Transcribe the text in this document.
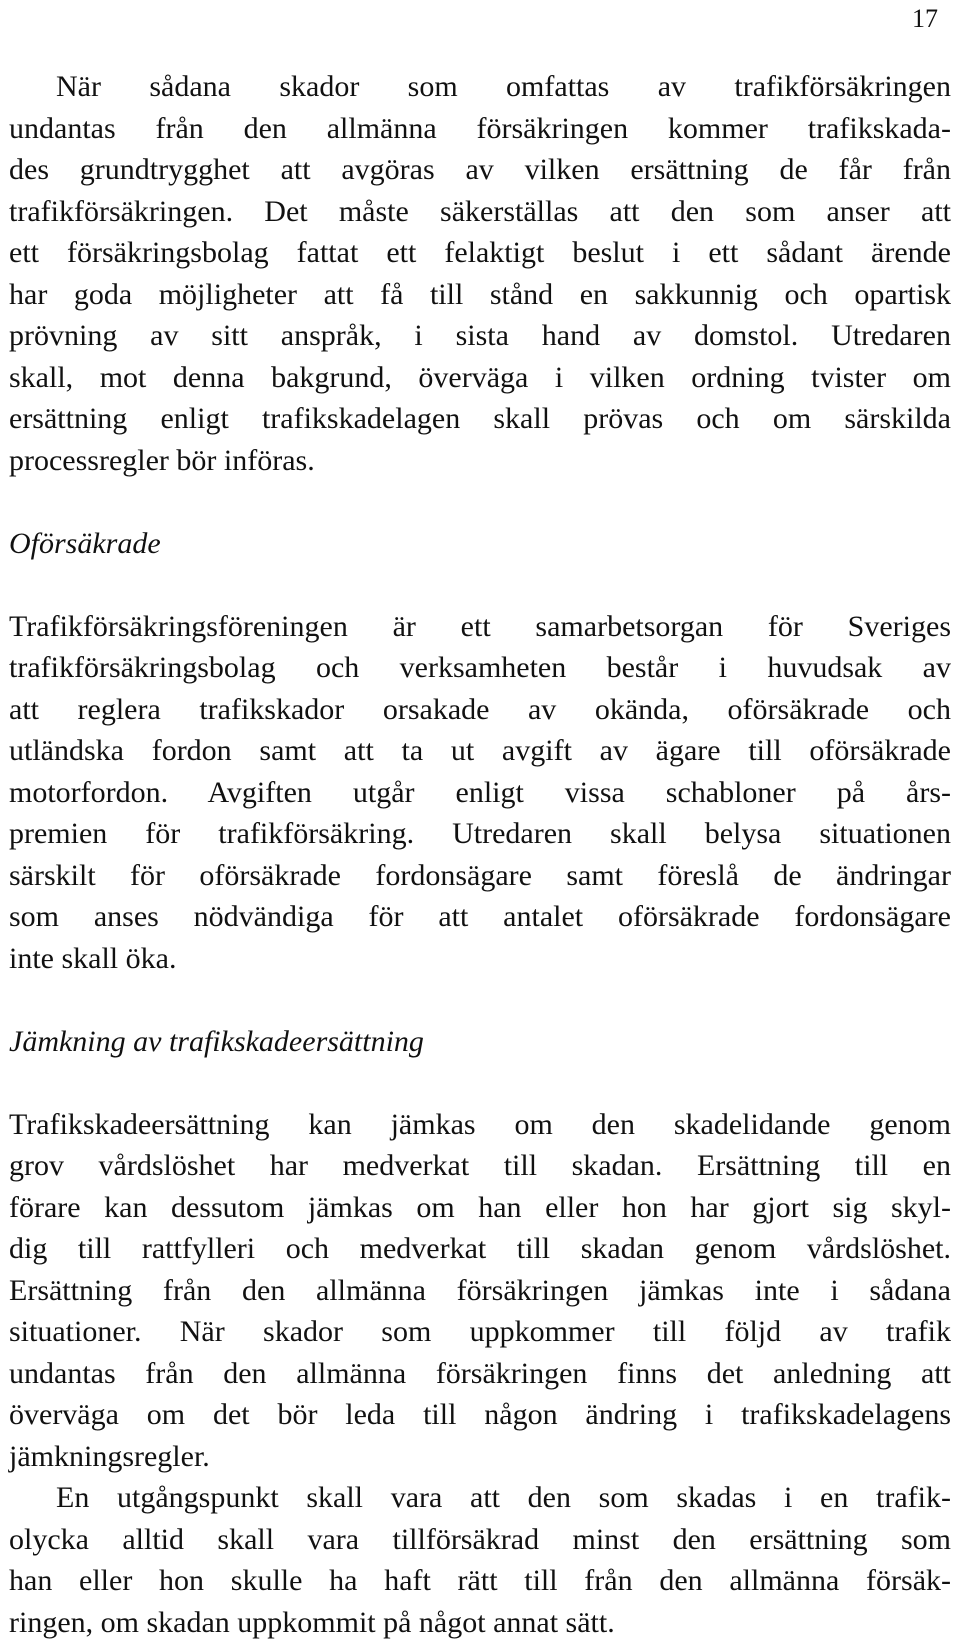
17
När sådana skador som omfattas av trafikförsäkringen
undantas från den allmänna försäkringen kommer trafikskada-
des grundtrygghet att avgöras av vilken ersättning de får från
trafikförsäkringen. Det måste säkerställas att den som anser att
ett försäkringsbolag fattat ett felaktigt beslut i ett sådant ärende
har goda möjligheter att få till stånd en sakkunnig och opartisk
prövning av sitt anspråk, i sista hand av domstol. Utredaren
skall, mot denna bakgrund, överväga i vilken ordning tvister om
ersättning enligt trafikskadelagen skall prövas och om särskilda
processregler bör införas.
Oförsäkrade
Trafikförsäkringsföreningen är ett samarbetsorgan för Sveriges
trafikförsäkringsbolag och verksamheten består i huvudsak av
att reglera trafikskador orsakade av okända, oförsäkrade och
utländska fordon samt att ta ut avgift av ägare till oförsäkrade
motorfordon. Avgiften utgår enligt vissa schabloner på års-
premien för trafikförsäkring. Utredaren skall belysa situationen
särskilt för oförsäkrade fordonsägare samt föreslå de ändringar
som anses nödvändiga för att antalet oförsäkrade fordonsägare
inte skall öka.
Jämkning av trafikskadeersättning
Trafikskadeersättning kan jämkas om den skadelidande genom
grov vårdslöshet har medverkat till skadan. Ersättning till en
förare kan dessutom jämkas om han eller hon har gjort sig skyl-
dig till rattfylleri och medverkat till skadan genom vårdslöshet.
Ersättning från den allmänna försäkringen jämkas inte i sådana
situationer. När skador som uppkommer till följd av trafik
undantas från den allmänna försäkringen finns det anledning att
överväga om det bör leda till någon ändring i trafikskadelagens
jämkningsregler.
En utgångspunkt skall vara att den som skadas i en trafik-
olycka alltid skall vara tillförsäkrad minst den ersättning som
han eller hon skulle ha haft rätt till från den allmänna försäk-
ringen, om skadan uppkommit på något annat sätt.
